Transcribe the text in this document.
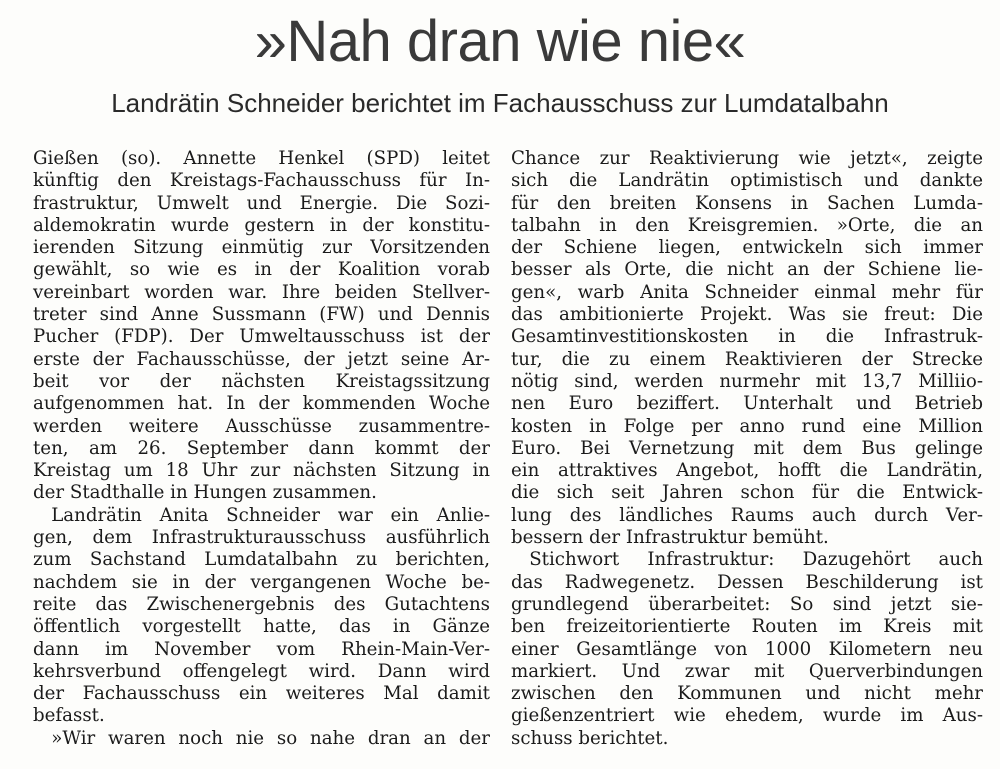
»Nah dran wie nie«
Landrätin Schneider berichtet im Fachausschuss zur Lumdatalbahn
Gießen (so). Annette Henkel (SPD) leitet
künftig den Kreistags-Fachausschuss für In-
frastruktur, Umwelt und Energie. Die Sozi-
aldemokratin wurde gestern in der konstitu-
ierenden Sitzung einmütig zur Vorsitzenden
gewählt, so wie es in der Koalition vorab
vereinbart worden war. Ihre beiden Stellver-
treter sind Anne Sussmann (FW) und Dennis
Pucher (FDP). Der Umweltausschuss ist der
erste der Fachausschüsse, der jetzt seine Ar-
beit vor der nächsten Kreistagssitzung
aufgenommen hat. In der kommenden Woche
werden weitere Ausschüsse zusammentre-
ten, am 26. September dann kommt der
Kreistag um 18 Uhr zur nächsten Sitzung in
der Stadthalle in Hungen zusammen.
 Landrätin Anita Schneider war ein Anlie-
gen, dem Infrastrukturausschuss ausführlich
zum Sachstand Lumdatalbahn zu berichten,
nachdem sie in der vergangenen Woche be-
reite das Zwischenergebnis des Gutachtens
öffentlich vorgestellt hatte, das in Gänze
dann im November vom Rhein-Main-Ver-
kehrsverbund offengelegt wird. Dann wird
der Fachausschuss ein weiteres Mal damit
befasst.
 »Wir waren noch nie so nahe dran an der
Chance zur Reaktivierung wie jetzt«, zeigte
sich die Landrätin optimistisch und dankte
für den breiten Konsens in Sachen Lumda-
talbahn in den Kreisgremien. »Orte, die an
der Schiene liegen, entwickeln sich immer
besser als Orte, die nicht an der Schiene lie-
gen«, warb Anita Schneider einmal mehr für
das ambitionierte Projekt. Was sie freut: Die
Gesamtinvestitionskosten in die Infrastruk-
tur, die zu einem Reaktivieren der Strecke
nötig sind, werden nurmehr mit 13,7 Milliio-
nen Euro beziffert. Unterhalt und Betrieb
kosten in Folge per anno rund eine Million
Euro. Bei Vernetzung mit dem Bus gelinge
ein attraktives Angebot, hofft die Landrätin,
die sich seit Jahren schon für die Entwick-
lung des ländliches Raums auch durch Ver-
bessern der Infrastruktur bemüht.
 Stichwort Infrastruktur: Dazugehört auch
das Radwegenetz. Dessen Beschilderung ist
grundlegend überarbeitet: So sind jetzt sie-
ben freizeitorientierte Routen im Kreis mit
einer Gesamtlänge von 1000 Kilometern neu
markiert. Und zwar mit Querverbindungen
zwischen den Kommunen und nicht mehr
gießenzentriert wie ehedem, wurde im Aus-
schuss berichtet.
